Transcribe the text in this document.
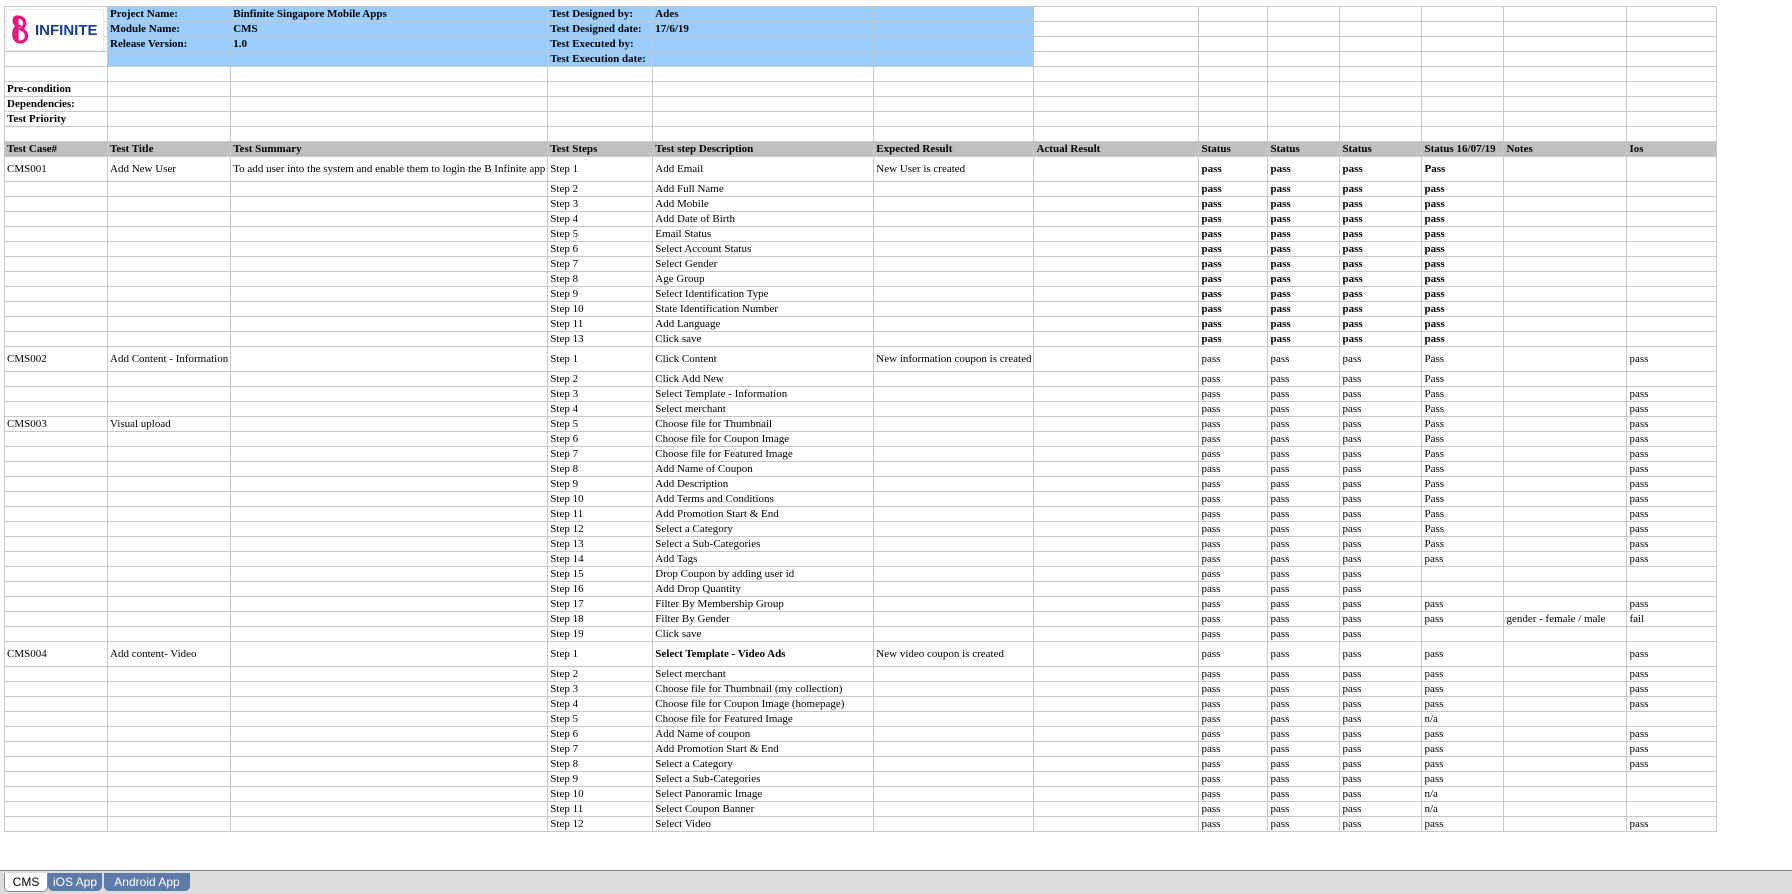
	Project Name:	Binfinite Singapore Mobile Apps	Test Designed by:	Ades								
	Module Name:	CMS	Test Designed date:	17/6/19								
	Release Version:	1.0	Test Executed by:									
			Test Execution date:									

Pre-condition												
Dependencies:												
Test Priority												

Test Case#	Test Title	Test Summary	Test Steps	Test step Description	Expected Result	Actual Result	Status	Status	Status	Status 16/07/19	Notes	Ios
CMS001	Add New User	To add user into the system and enable them to login the B Infinite app	Step 1	Add Email	New User is created		pass	pass	pass	Pass		
			Step 2	Add Full Name			pass	pass	pass	pass		
			Step 3	Add Mobile			pass	pass	pass	pass		
			Step 4	Add Date of Birth			pass	pass	pass	pass		
			Step 5	Email Status			pass	pass	pass	pass		
			Step 6	Select Account Status			pass	pass	pass	pass		
			Step 7	Select Gender			pass	pass	pass	pass		
			Step 8	Age Group			pass	pass	pass	pass		
			Step 9	Select Identification Type			pass	pass	pass	pass		
			Step 10	State Identification Number			pass	pass	pass	pass		
			Step 11	Add Language			pass	pass	pass	pass		
			Step 13	Click save			pass	pass	pass	pass		
CMS002	Add Content - Information		Step 1	Click Content	New information coupon is created		pass	pass	pass	Pass		pass
			Step 2	Click Add New			pass	pass	pass	Pass		
			Step 3	Select Template - Information			pass	pass	pass	Pass		pass
			Step 4	Select merchant			pass	pass	pass	Pass		pass
CMS003	Visual upload		Step 5	Choose file for Thumbnail			pass	pass	pass	Pass		pass
			Step 6	Choose file for Coupon Image			pass	pass	pass	Pass		pass
			Step 7	Choose file for Featured Image			pass	pass	pass	Pass		pass
			Step 8	Add Name of Coupon			pass	pass	pass	Pass		pass
			Step 9	Add Description			pass	pass	pass	Pass		pass
			Step 10	Add Terms and Conditions			pass	pass	pass	Pass		pass
			Step 11	Add Promotion Start & End			pass	pass	pass	Pass		pass
			Step 12	Select a Category			pass	pass	pass	Pass		pass
			Step 13	Select a Sub-Categories			pass	pass	pass	Pass		pass
			Step 14	Add Tags			pass	pass	pass	pass		pass
			Step 15	Drop Coupon by adding user id			pass	pass	pass			
			Step 16	Add Drop Quantity			pass	pass	pass			
			Step 17	Filter By Membership Group			pass	pass	pass	pass		pass
			Step 18	Filter By Gender			pass	pass	pass	pass	gender - female / male	fail
			Step 19	Click save			pass	pass	pass			
CMS004	Add content- Video		Step 1	Select Template - Video Ads	New video coupon is created		pass	pass	pass	pass		pass
			Step 2	Select merchant			pass	pass	pass	pass		pass
			Step 3	Choose file for Thumbnail (my collection)			pass	pass	pass	pass		pass
			Step 4	Choose file for Coupon Image (homepage)			pass	pass	pass	pass		pass
			Step 5	Choose file for Featured Image			pass	pass	pass	n/a		
			Step 6	Add Name of coupon			pass	pass	pass	pass		pass
			Step 7	Add Promotion Start & End			pass	pass	pass	pass		pass
			Step 8	Select a Category			pass	pass	pass	pass		pass
			Step 9	Select a Sub-Categories			pass	pass	pass	pass		
			Step 10	Select Panoramic Image			pass	pass	pass	n/a		
			Step 11	Select Coupon Banner			pass	pass	pass	n/a		
			Step 12	Select Video			pass	pass	pass	pass		pass
INFINITE
CMS	iOS App	Android App
